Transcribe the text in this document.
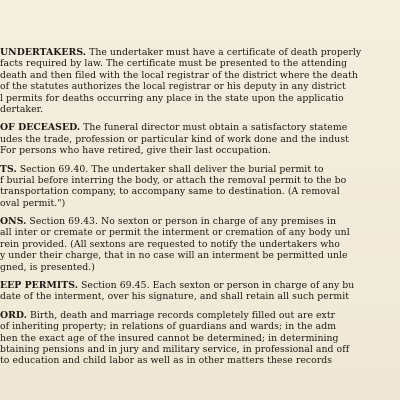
UNDERTAKERS. The undertaker must have a certificate of death properly
facts required by law. The certificate must be presented to the attending
death and then filed with the local registrar of the district where the death
of the statutes authorizes the local registrar or his deputy in any district
l permits for deaths occurring any place in the state upon the applicatio
dertaker.
OF DECEASED. The funeral director must obtain a satisfactory stateme
udes the trade, profession or particular kind of work done and the indust
For persons who have retired, give their last occupation.
TS. Section 69.40. The undertaker shall deliver the burial permit to
f burial before interring the body, or attach the removal permit to the bo
transportation company, to accompany same to destination. (A removal
oval permit.")
ONS. Section 69.43. No sexton or person in charge of any premises in
all inter or cremate or permit the interment or cremation of any body unl
rein provided. (All sextons are requested to notify the undertakers who
y under their charge, that in no case will an interment be permitted unle
gned, is presented.)
EEP PERMITS. Section 69.45. Each sexton or person in charge of any bu
date of the interment, over his signature, and shall retain all such permit
ORD. Birth, death and marriage records completely filled out are extr
of inheriting property; in relations of guardians and wards; in the adm
hen the exact age of the insured cannot be determined; in determining
btaining pensions and in jury and military service, in professional and off
to education and child labor as well as in other matters these records
